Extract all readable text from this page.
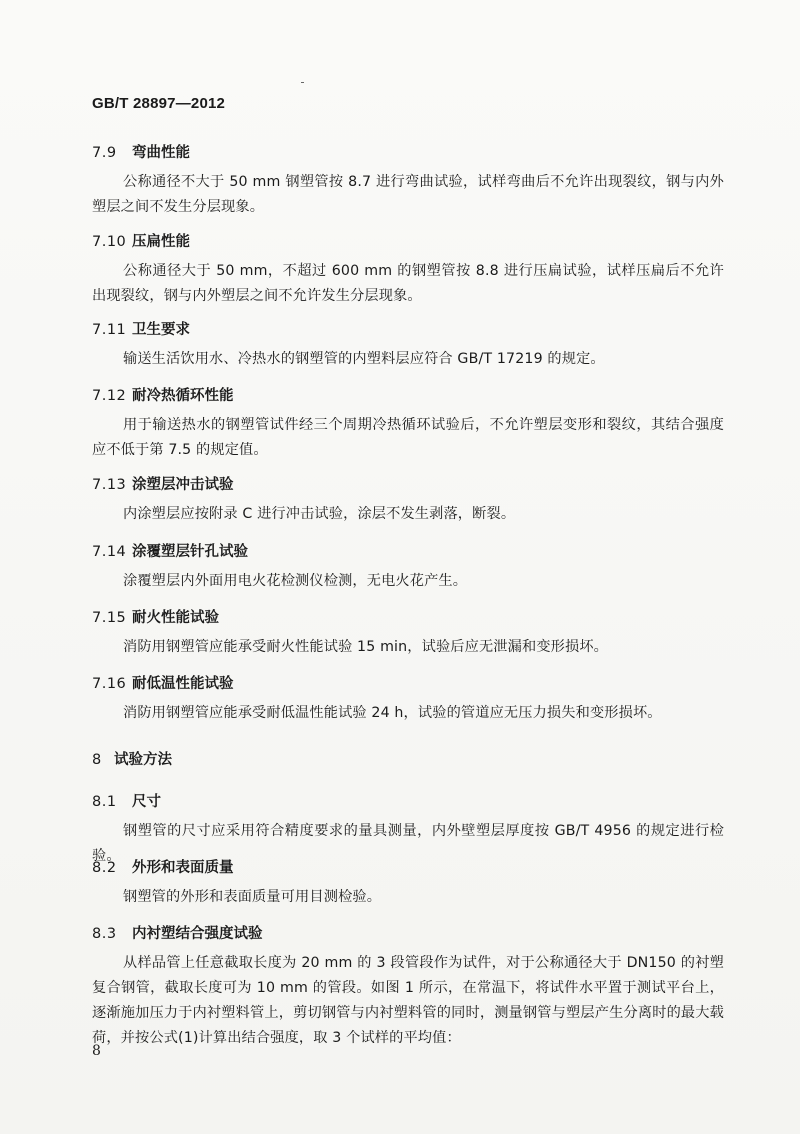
GB/T 28897—2012
7.9 弯曲性能
公称通径不大于 50 mm 钢塑管按 8.7 进行弯曲试验，试样弯曲后不允许出现裂纹，钢与内外塑层之间不发生分层现象。
7.10 压扁性能
公称通径大于 50 mm，不超过 600 mm 的钢塑管按 8.8 进行压扁试验，试样压扁后不允许出现裂纹，钢与内外塑层之间不允许发生分层现象。
7.11 卫生要求
输送生活饮用水、冷热水的钢塑管的内塑料层应符合 GB/T 17219 的规定。
7.12 耐冷热循环性能
用于输送热水的钢塑管试件经三个周期冷热循环试验后，不允许塑层变形和裂纹，其结合强度应不低于第 7.5 的规定值。
7.13 涂塑层冲击试验
内涂塑层应按附录 C 进行冲击试验，涂层不发生剥落，断裂。
7.14 涂覆塑层针孔试验
涂覆塑层内外面用电火花检测仪检测，无电火花产生。
7.15 耐火性能试验
消防用钢塑管应能承受耐火性能试验 15 min，试验后应无泄漏和变形损坏。
7.16 耐低温性能试验
消防用钢塑管应能承受耐低温性能试验 24 h，试验的管道应无压力损失和变形损坏。
8 试验方法
8.1 尺寸
钢塑管的尺寸应采用符合精度要求的量具测量，内外壁塑层厚度按 GB/T 4956 的规定进行检验。
8.2 外形和表面质量
钢塑管的外形和表面质量可用目测检验。
8.3 内衬塑结合强度试验
从样品管上任意截取长度为 20 mm 的 3 段管段作为试件，对于公称通径大于 DN150 的衬塑复合钢管，截取长度可为 10 mm 的管段。如图 1 所示，在常温下，将试件水平置于测试平台上，逐渐施加压力于内衬塑料管上，剪切钢管与内衬塑料管的同时，测量钢管与塑层产生分离时的最大载荷，并按公式(1)计算出结合强度，取 3 个试样的平均值：
8
